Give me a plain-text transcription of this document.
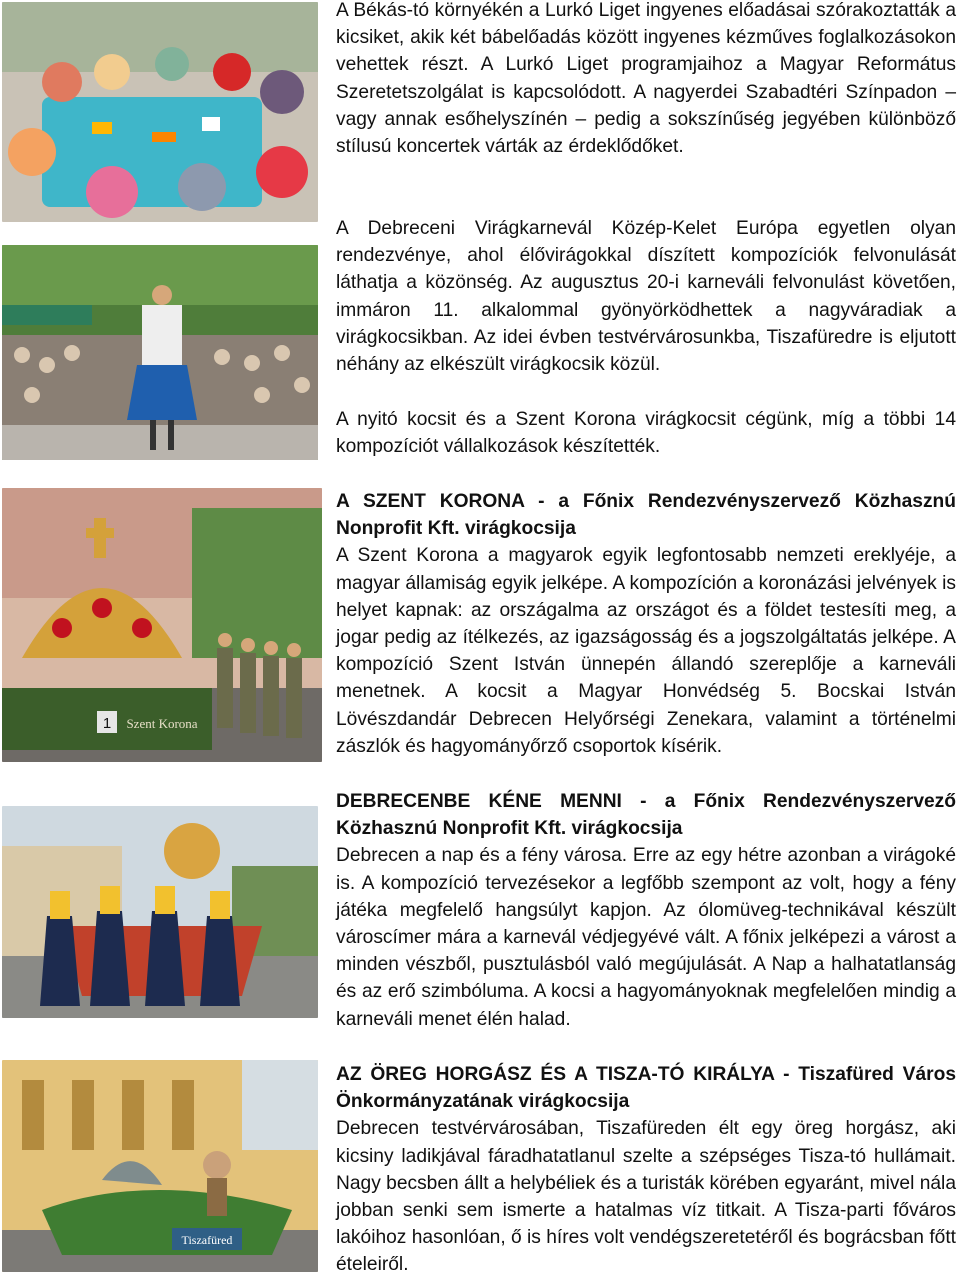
1 Szent Korona
Tiszafüred

A Békás-tó környékén a Lurkó Liget ingyenes előadásai szórakoztatták a kicsiket, akik két bábelőadás között ingyenes kézműves foglalkozásokon vehettek részt. A Lurkó Liget programjaihoz a Magyar Református Szeretetszolgálat is kapcsolódott. A nagyerdei Szabadtéri Színpadon – vagy annak esőhelyszínén – pedig a sokszínűség jegyében különböző stílusú koncertek várták az érdeklődőket.

A Debreceni Virágkarnevál Közép-Kelet Európa egyetlen olyan rendezvénye, ahol élővirágokkal díszített kompozíciók felvonulását láthatja a közönség. Az augusztus 20-i karneváli felvonulást követően, immáron 11. alkalommal gyönyörködhettek a nagyváradiak a virágkocsikban. Az idei évben testvérvárosunkba, Tiszafüredre is eljutott néhány az elkészült virágkocsik közül.

A nyitó kocsit és a Szent Korona virágkocsit cégünk, míg a többi 14 kompozíciót vállalkozások készítették.

A SZENT KORONA - a Főnix Rendezvényszervező Közhasznú Nonprofit Kft. virágkocsija

A Szent Korona a magyarok egyik legfontosabb nemzeti ereklyéje, a magyar államiság egyik jelképe. A kompozíción a koronázási jelvények is helyet kapnak: az országalma az országot és a földet testesíti meg, a jogar pedig az ítélkezés, az igazságosság és a jogszolgáltatás jelképe. A kompozíció Szent István ünnepén állandó szereplője a karneváli menetnek. A kocsit a Magyar Honvédség 5. Bocskai István Lövészdandár Debrecen Helyőrségi Zenekara, valamint a történelmi zászlók és hagyományőrző csoportok kísérik.

DEBRECENBE KÉNE MENNI - a Főnix Rendezvényszervező Közhasznú Nonprofit Kft. virágkocsija

Debrecen a nap és a fény városa. Erre az egy hétre azonban a virágoké is. A kompozíció tervezésekor a legfőbb szempont az volt, hogy a fény játéka megfelelő hangsúlyt kapjon. Az ólomüveg-technikával készült városcímer mára a karnevál védjegyévé vált. A főnix jelképezi a várost a minden vészből, pusztulásból való megújulását. A Nap a halhatatlanság és az erő szimbóluma. A kocsi a hagyományoknak megfelelően mindig a karneváli menet élén halad.

AZ ÖREG HORGÁSZ ÉS A TISZA-TÓ KIRÁLYA - Tiszafüred Város Önkormányzatának virágkocsija

Debrecen testvérvárosában, Tiszafüreden élt egy öreg horgász, aki kicsiny ladikjával fáradhatatlanul szelte a szépséges Tisza-tó hullámait. Nagy becsben állt a helybéliek és a turisták körében egyaránt, mivel nála jobban senki sem ismerte a hatalmas víz titkait. A Tisza-parti főváros lakóihoz hasonlóan, ő is híres volt vendégszeretetéről és bográcsban főtt ételeiről.
